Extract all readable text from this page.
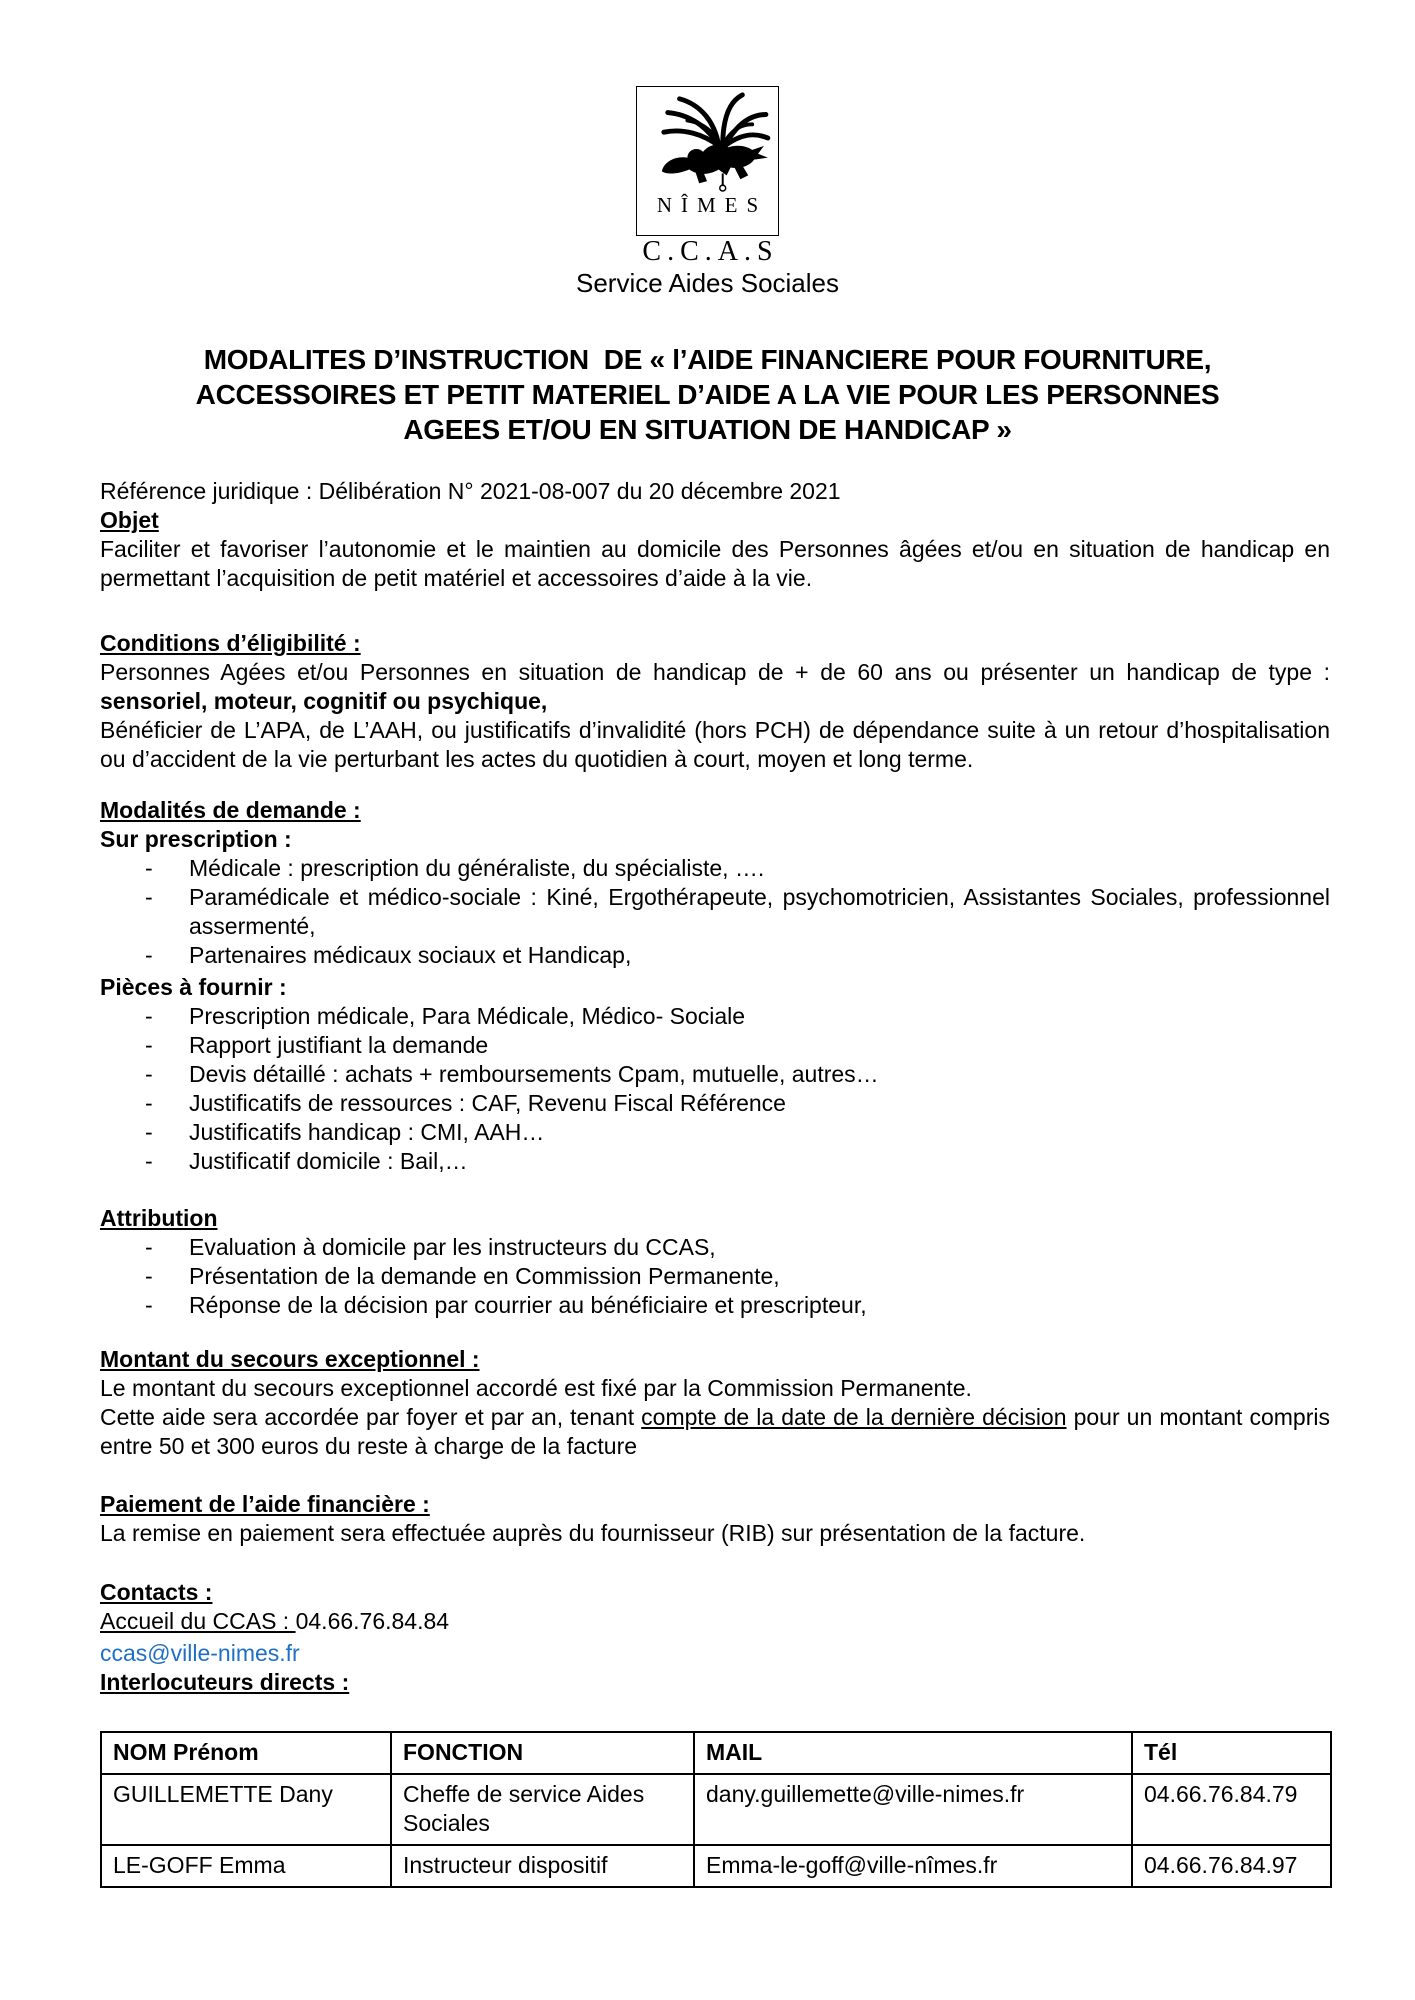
NÎMES
C.C.A.S
Service Aides Sociales
MODALITES D’INSTRUCTION  DE « l’AIDE FINANCIERE POUR FOURNITURE,
ACCESSOIRES ET PETIT MATERIEL D’AIDE A LA VIE POUR LES PERSONNES
AGEES ET/OU EN SITUATION DE HANDICAP »
Référence juridique : Délibération N° 2021-08-007 du 20 décembre 2021
Objet

Faciliter et favoriser l’autonomie et le maintien au domicile des Personnes âgées et/ou en situation de handicap en permettant l’acquisition de petit matériel et accessoires d’aide à la vie.

Conditions d’éligibilité :

Personnes Agées et/ou Personnes en situation de handicap de + de 60 ans ou présenter un handicap de type : sensoriel, moteur, cognitif ou psychique,

Bénéficier de L’APA, de L’AAH, ou justificatifs d’invalidité (hors PCH) de dépendance suite à un retour d’hospitalisation ou d’accident de la vie perturbant les actes du quotidien à court, moyen et long terme.

Modalités de demande :
Sur prescription :
- Médicale : prescription du généraliste, du spécialiste, ….
- Paramédicale et médico-sociale : Kiné, Ergothérapeute, psychomotricien, Assistantes Sociales, professionnel assermenté,
- Partenaires médicaux sociaux et Handicap,
Pièces à fournir :
- Prescription médicale, Para Médicale, Médico- Sociale
- Rapport justifiant la demande
- Devis détaillé : achats + remboursements Cpam, mutuelle, autres…
- Justificatifs de ressources : CAF, Revenu Fiscal Référence
- Justificatifs handicap : CMI, AAH…
- Justificatif domicile : Bail,…
Attribution
- Evaluation à domicile par les instructeurs du CCAS,
- Présentation de la demande en Commission Permanente,
- Réponse de la décision par courrier au bénéficiaire et prescripteur,
Montant du secours exceptionnel :

Le montant du secours exceptionnel accordé est fixé par la Commission Permanente.

Cette aide sera accordée par foyer et par an, tenant compte de la date de la dernière décision pour un montant compris entre 50 et 300 euros du reste à charge de la facture

Paiement de l’aide financière :

La remise en paiement sera effectuée auprès du fournisseur (RIB) sur présentation de la facture.

Contacts :
Accueil du CCAS : 04.66.76.84.84
ccas@ville-nimes.fr
Interlocuteurs directs :
NOM Prénom	FONCTION	MAIL	Tél
GUILLEMETTE Dany	Cheffe de service Aides Sociales	dany.guillemette@ville-nimes.fr	04.66.76.84.79
LE-GOFF Emma	Instructeur dispositif	Emma-le-goff@ville-nîmes.fr	04.66.76.84.97
